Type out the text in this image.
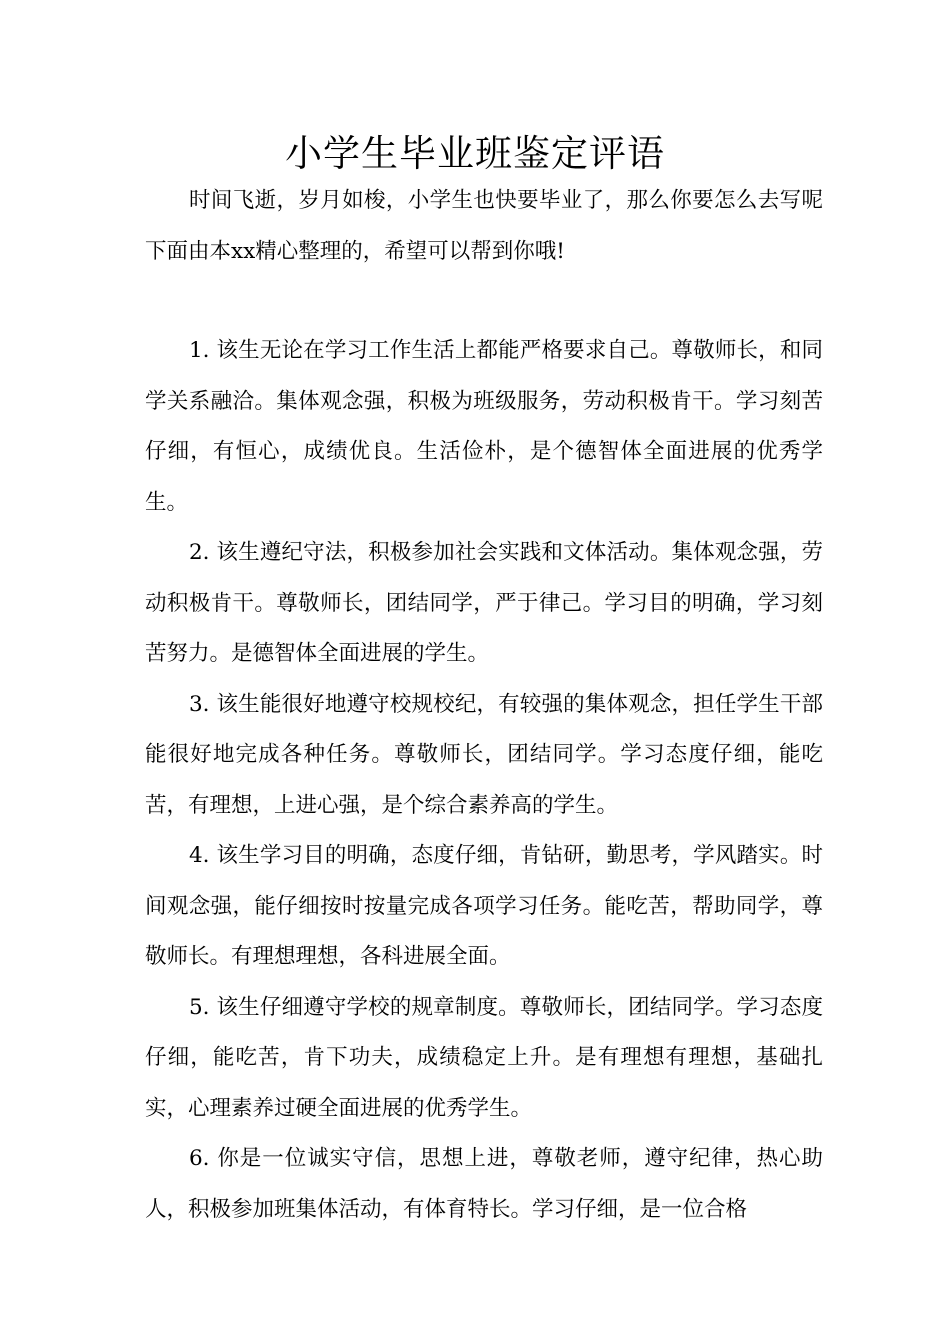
小学生毕业班鉴定评语

时间飞逝，岁月如梭，小学生也快要毕业了，那么你要怎么去写呢下面由本xx精心整理的，希望可以帮到你哦!

1. 该生无论在学习工作生活上都能严格要求自己。尊敬师长，和同学关系融洽。集体观念强，积极为班级服务，劳动积极肯干。学习刻苦仔细，有恒心，成绩优良。生活俭朴，是个德智体全面进展的优秀学生。

2. 该生遵纪守法，积极参加社会实践和文体活动。集体观念强，劳动积极肯干。尊敬师长，团结同学，严于律己。学习目的明确，学习刻苦努力。是德智体全面进展的学生。

3. 该生能很好地遵守校规校纪，有较强的集体观念，担任学生干部能很好地完成各种任务。尊敬师长，团结同学。学习态度仔细，能吃苦，有理想，上进心强，是个综合素养高的学生。

4. 该生学习目的明确，态度仔细，肯钻研，勤思考，学风踏实。时间观念强，能仔细按时按量完成各项学习任务。能吃苦，帮助同学，尊敬师长。有理想理想，各科进展全面。

5. 该生仔细遵守学校的规章制度。尊敬师长，团结同学。学习态度仔细，能吃苦，肯下功夫，成绩稳定上升。是有理想有理想，基础扎实，心理素养过硬全面进展的优秀学生。

6. 你是一位诚实守信，思想上进，尊敬老师，遵守纪律，热心助人，积极参加班集体活动，有体育特长。学习仔细，是一位合格
